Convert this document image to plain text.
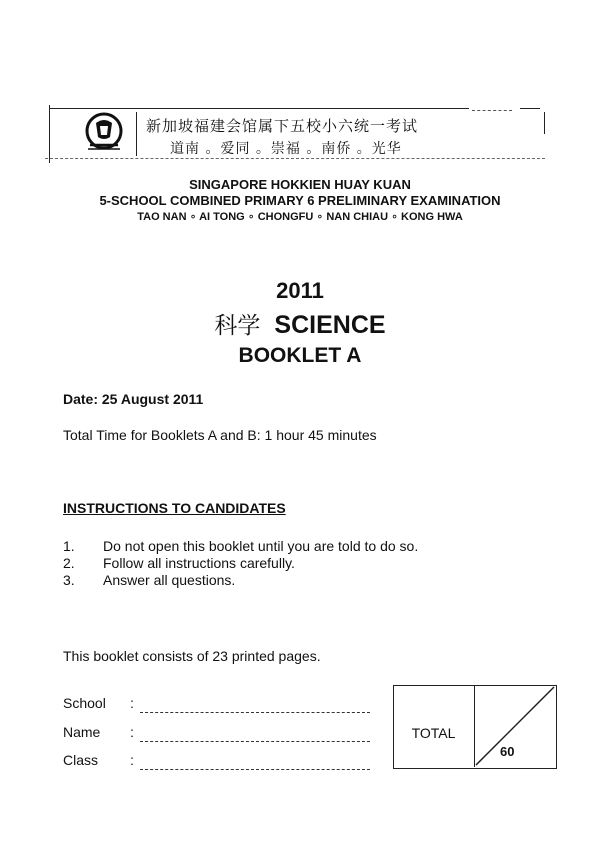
新加坡福建会馆属下五校小六统一考试
道南 。爱同 。崇福 。南侨 。光华
SINGAPORE HOKKIEN HUAY KUAN
5-SCHOOL COMBINED PRIMARY 6 PRELIMINARY EXAMINATION
TAO NAN ∘ AI TONG ∘ CHONGFU ∘ NAN CHIAU ∘ KONG HWA
2011
科学 SCIENCE
BOOKLET A
Date: 25 August 2011
Total Time for Booklets A and B: 1 hour 45 minutes
INSTRUCTIONS TO CANDIDATES
1. Do not open this booklet until you are told to do so.
2. Follow all instructions carefully.
3. Answer all questions.
This booklet consists of 23 printed pages.
School :
Name :
Class :
TOTAL
60
